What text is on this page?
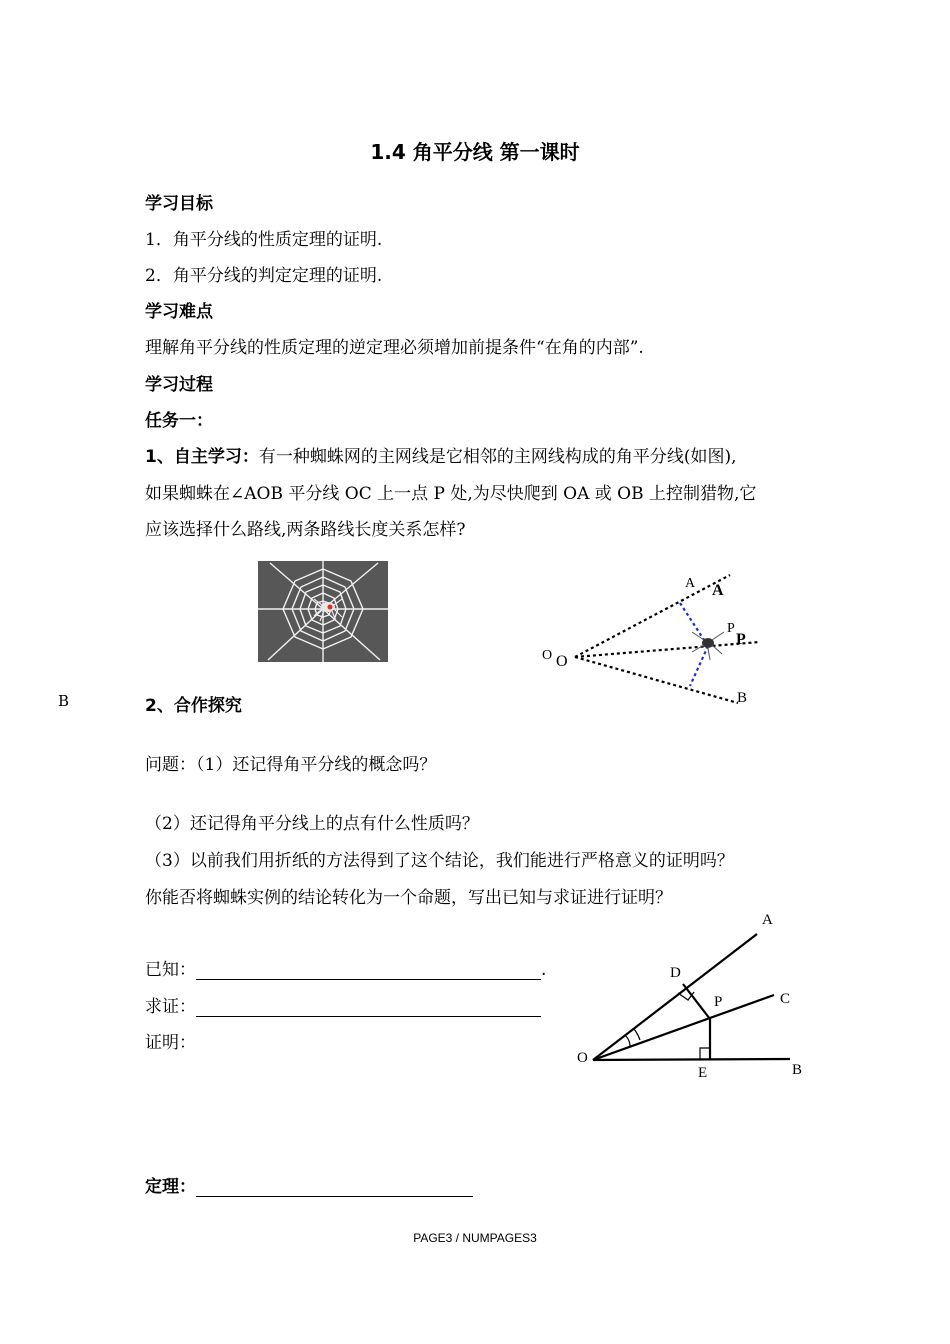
1.4 角平分线 第一课时
学习目标
1．角平分线的性质定理的证明.
2．角平分线的判定定理的证明.
学习难点
理解角平分线的性质定理的逆定理必须增加前提条件“在角的内部”.
学习过程
任务一：
1、自主学习：有一种蜘蛛网的主网线是它相邻的主网线构成的角平分线(如图),
如果蜘蛛在∠AOB 平分线 OC 上一点 P 处,为尽快爬到 OA 或 OB 上控制猎物,它
应该选择什么路线,两条路线长度关系怎样?
A A
P
P
O O
B
B	2、合作探究
问题：（1）还记得角平分线的概念吗？
（2）还记得角平分线上的点有什么性质吗？
（3）以前我们用折纸的方法得到了这个结论，我们能进行严格意义的证明吗？
你能否将蜘蛛实例的结论转化为一个命题，写出已知与求证进行证明？
已知：	.
求证：
证明：
A
D
P	C
O
E	B
定理：
PAGE3 / NUMPAGES3
